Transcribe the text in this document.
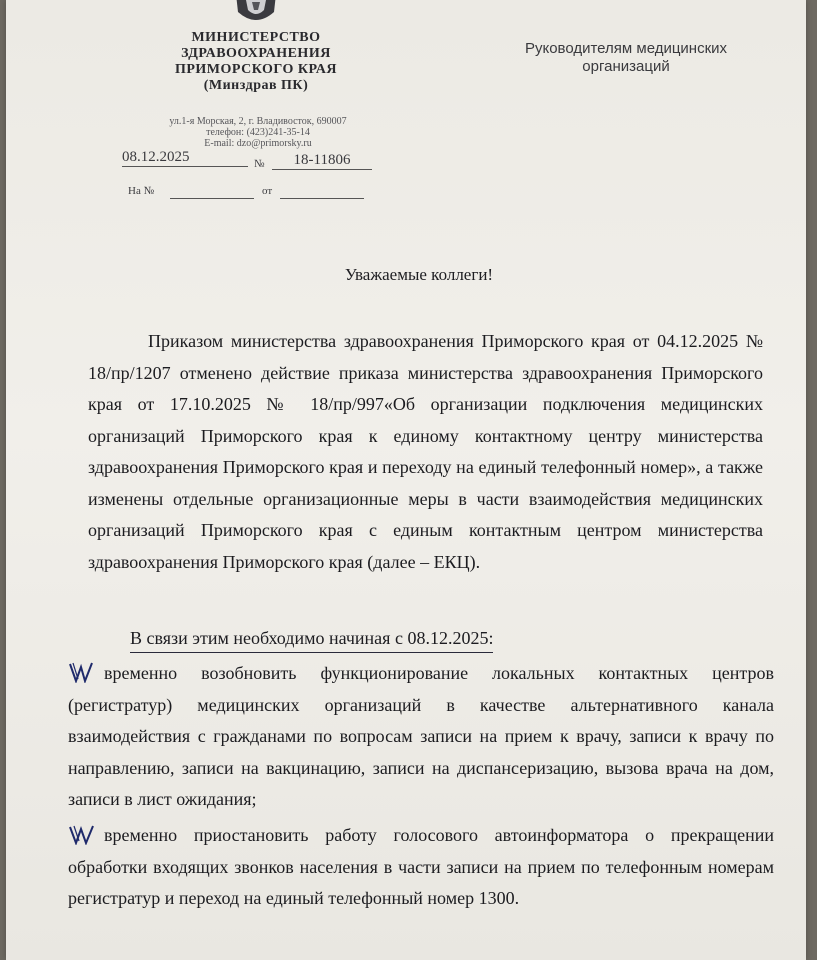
МИНИСТЕРСТВО
ЗДРАВООХРАНЕНИЯ
ПРИМОРСКОГО КРАЯ
(Минздрав ПК)
Руководителям медицинских
организаций
ул.1-я Морская, 2, г. Владивосток, 690007
телефон: (423)241-35-14
E-mail: dzo@primorsky.ru
08.12.2025	№	18-11806
На №	от
Уважаемые коллеги!
Приказом министерства здравоохранения Приморского края от 04.12.2025 № 18/пр/1207 отменено действие приказа министерства здравоохранения Приморского края от 17.10.2025 № 18/пр/997«Об организации подключения медицинских организаций Приморского края к единому контактному центру министерства здравоохранения Приморского края и переходу на единый телефонный номер», а также изменены отдельные организационные меры в части взаимодействия медицинских организаций Приморского края с единым контактным центром министерства здравоохранения Приморского края (далее – ЕКЦ).
В связи этим необходимо начиная с 08.12.2025:
временно возобновить функционирование локальных контактных центров (регистратур) медицинских организаций в качестве альтернативного канала взаимодействия с гражданами по вопросам записи на прием к врачу, записи к врачу по направлению, записи на вакцинацию, записи на диспансеризацию, вызова врача на дом, записи в лист ожидания;
временно приостановить работу голосового автоинформатора о прекращении обработки входящих звонков населения в части записи на прием по телефонным номерам регистратур и переход на единый телефонный номер 1300.
